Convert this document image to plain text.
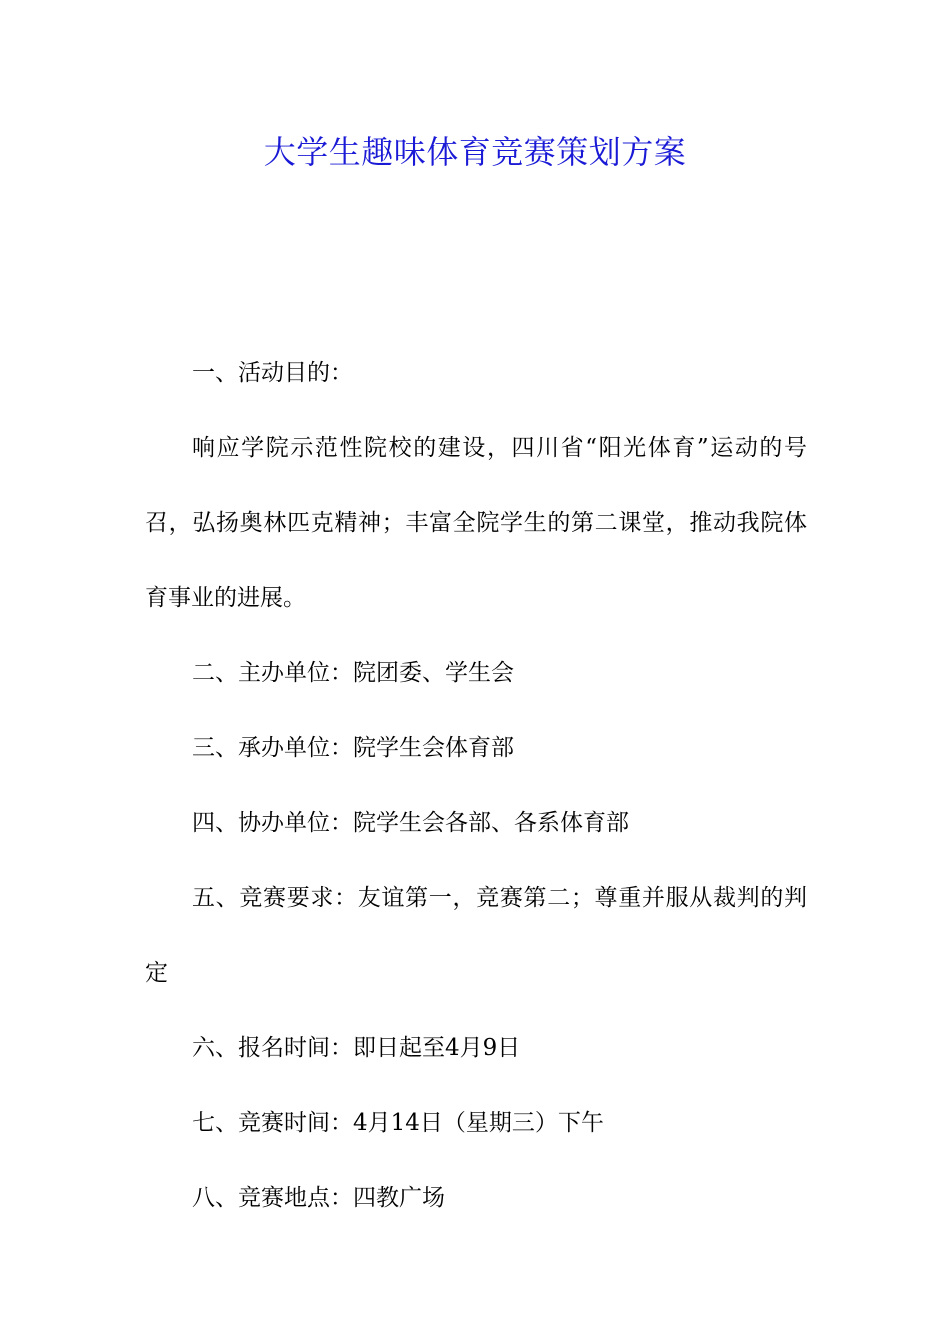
大学生趣味体育竞赛策划方案

一、活动目的：

响应学院示范性院校的建设，四川省“阳光体育”运动的号召，弘扬奥林匹克精神；丰富全院学生的第二课堂，推动我院体育事业的进展。

二、主办单位：院团委、学生会

三、承办单位：院学生会体育部

四、协办单位：院学生会各部、各系体育部

五、竞赛要求：友谊第一，竞赛第二；尊重并服从裁判的判定

六、报名时间：即日起至4月9日

七、竞赛时间：4月14日（星期三）下午

八、竞赛地点：四教广场
